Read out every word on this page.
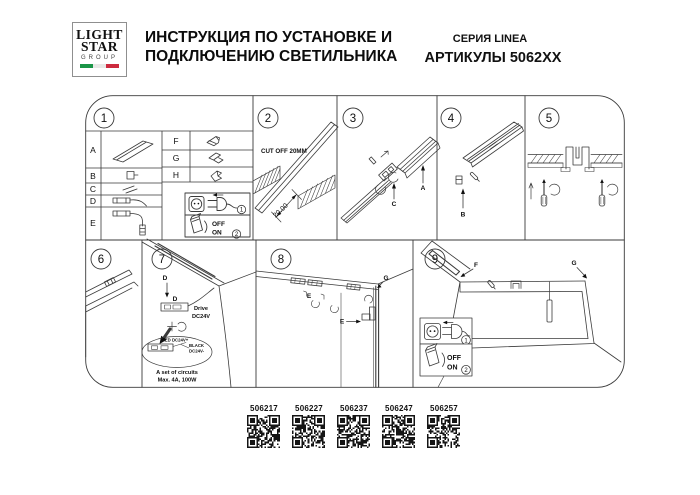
LIGHT
STAR
GROUP
ИНСТРУКЦИЯ ПО УСТАНОВКЕ И
ПОДКЛЮЧЕНИЮ СВЕТИЛЬНИКА
СЕРИЯ LINEA
АРТИКУЛЫ 5062XX
1	2	3	4	5
6	7	8	9
A
B
C
D
E
F
G
H
CUT OFF 20MM
20.00
A
C
B
D
D
Drive
DC24V
RED DC24V+
BLACK
DC24V-
A set of circuits
Max. 4A, 100W
E
E
G
F	G
1
2
OFF
ON
1
2
OFF
ON
506217	506227	506237	506247	506257
